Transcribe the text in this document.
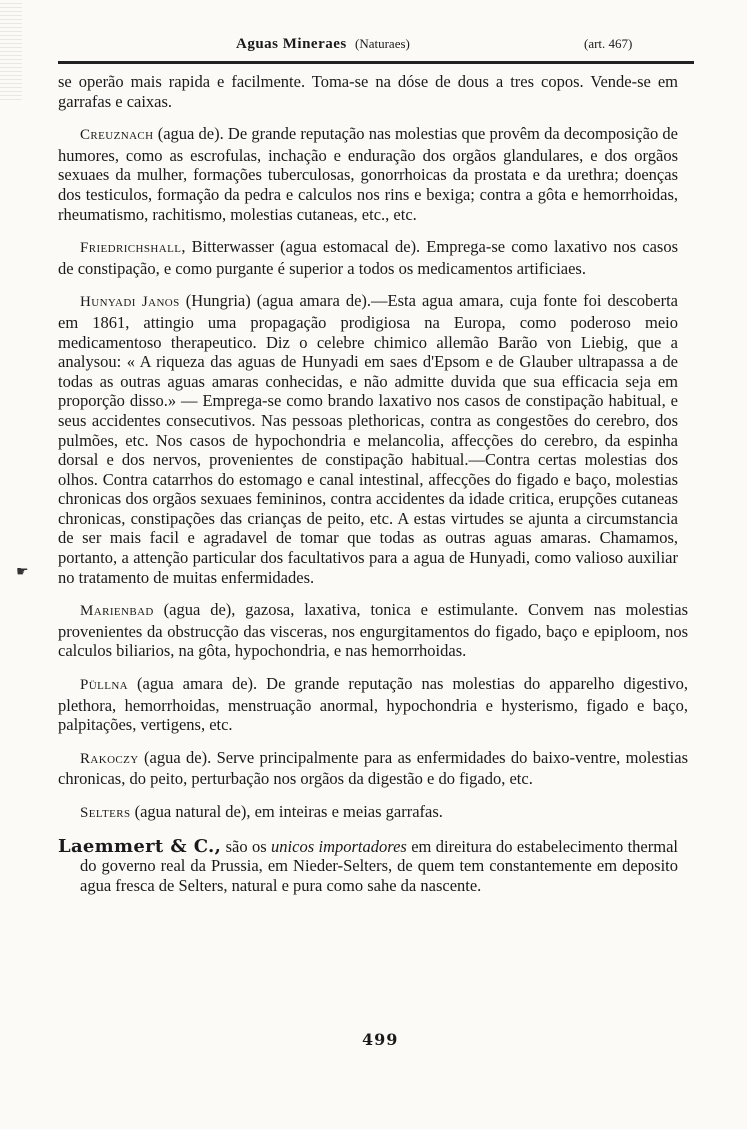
Aguas Mineraes (Naturaes)	(art. 467)
☛

se operão mais rapida e facilmente. Toma-se na dóse de dous a tres copos. Vende-se em garrafas e caixas.

Creuznach (agua de). De grande reputação nas molestias que provêm da decomposição de humores, como as escrofulas, inchação e enduração dos orgãos glandulares, e dos orgãos sexuaes da mulher, formações tuberculosas, gonorrhoicas da prostata e da urethra; doenças dos testiculos, formação da pedra e calculos nos rins e bexiga; contra a gôta e hemorrhoidas, rheumatismo, rachitismo, molestias cutaneas, etc., etc.

Friedrichshall, Bitterwasser (agua estomacal de). Emprega-se como laxativo nos casos de constipação, e como purgante é superior a todos os medicamentos artificiaes.

Hunyadi Janos (Hungria) (agua amara de).—Esta agua amara, cuja fonte foi descoberta em 1861, attingio uma propagação prodigiosa na Europa, como poderoso meio medicamentoso therapeutico. Diz o celebre chimico allemão Barão von Liebig, que a analysou: « A riqueza das aguas de Hunyadi em saes d'Epsom e de Glauber ultrapassa a de todas as outras aguas amaras conhecidas, e não admitte duvida que sua efficacia seja em proporção disso.» — Emprega-se como brando laxativo nos casos de constipação habitual, e seus accidentes consecutivos. Nas pessoas plethoricas, contra as congestões do cerebro, dos pulmões, etc. Nos casos de hypochondria e melancolia, affecções do cerebro, da espinha dorsal e dos nervos, provenientes de constipação habitual.—Contra certas molestias dos olhos. Contra catarrhos do estomago e canal intestinal, affecções do figado e baço, molestias chronicas dos orgãos sexuaes femininos, contra accidentes da idade critica, erupções cutaneas chronicas, constipações das crianças de peito, etc. A estas virtudes se ajunta a circumstancia de ser mais facil e agradavel de tomar que todas as outras aguas amaras. Chamamos, portanto, a attenção particular dos facultativos para a agua de Hunyadi, como valioso auxiliar no tratamento de muitas enfermidades.

Marienbad (agua de), gazosa, laxativa, tonica e estimulante. Convem nas molestias provenientes da obstrucção das visceras, nos engurgitamentos do figado, baço e epiploom, nos calculos biliarios, na gôta, hypochondria, e nas hemorrhoidas.

Püllna (agua amara de). De grande reputação nas molestias do apparelho digestivo, plethora, hemorrhoidas, menstruação anormal, hypochondria e hysterismo, figado e baço, palpitações, vertigens, etc.

Rakoczy (agua de). Serve principalmente para as enfermidades do baixo-ventre, molestias chronicas, do peito, perturbação nos orgãos da digestão e do figado, etc.

Selters (agua natural de), em inteiras e meias garrafas.

Laemmert & C., são os unicos importadores em direitura do estabelecimento thermal do governo real da Prussia, em Nieder-Selters, de quem tem constantemente em deposito agua fresca de Selters, natural e pura como sahe da nascente.

499
